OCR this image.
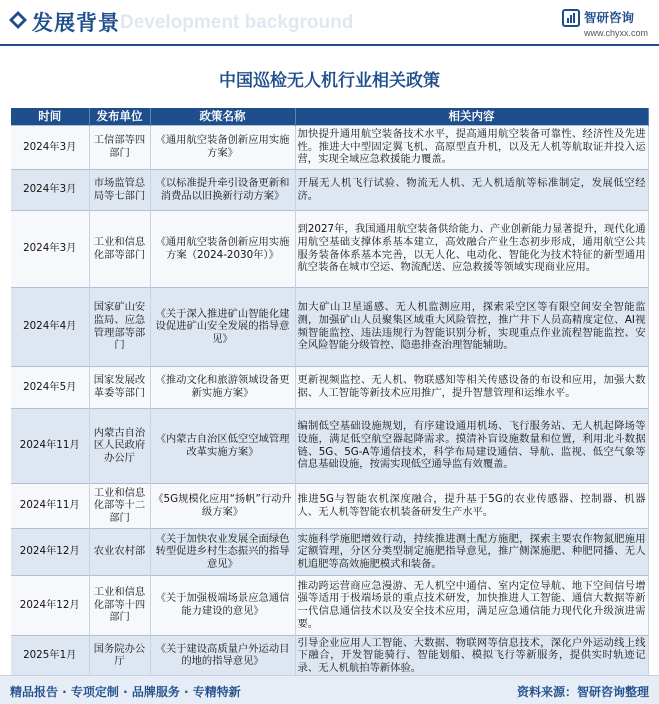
Development background
发展背景	智研咨询
www.chyxx.com
中国巡检无人机行业相关政策
时间	发布单位	政策名称	相关内容
2024年3月	工信部等四部门	《通用航空装备创新应用实施方案》	加快提升通用航空装备技术水平，提高通用航空装备可靠性、经济性及先进性。推进大中型固定翼飞机、高原型直升机，以及无人机等航取证并投入运营，实现全域应急救援能力覆盖。
2024年3月	市场监管总局等七部门	《以标准提升牵引设备更新和消费品以旧换新行动方案》	开展无人机飞行试验、物流无人机、无人机适航等标准制定，发展低空经济。
2024年3月	工业和信息化部等部门	《通用航空装备创新应用实施方案（2024-2030年）》	到2027年，我国通用航空装备供给能力、产业创新能力显著提升，现代化通用航空基础支撑体系基本建立，高效融合产业生态初步形成，通用航空公共服务装备体系基本完善，以无人化、电动化、智能化为技术特征的新型通用航空装备在城市空运、物流配送、应急救援等领域实现商业应用。
2024年4月	国家矿山安监局、应急管理部等部门	《关于深入推进矿山智能化建设促进矿山安全发展的指导意见》	加大矿山卫星遥感、无人机监测应用，探索采空区等有限空间安全智能监测，加强矿山人员聚集区域重大风险管控，推广井下人员高精度定位、AI视频智能监控、违法违规行为智能识别分析，实现重点作业流程智能监控、安全风险智能分级管控、隐患排查治理智能辅助。
2024年5月	国家发展改革委等部门	《推动文化和旅游领域设备更新实施方案》	更新视频监控、无人机、物联感知等相关传感设备的布设和应用，加强大数据、人工智能等新技术应用推广，提升智慧管理和运维水平。
2024年11月	内蒙古自治区人民政府办公厅	《内蒙古自治区低空空域管理改革实施方案》	编制低空基础设施规划，有序建设通用机场、飞行服务站、无人机起降场等设施，满足低空航空器起降需求。摸清补盲设施数量和位置，利用北斗数据链、5G、5G-A等通信技术，科学布局建设通信、导航、监视、低空气象等信息基础设施，按需实现低空通导监有效覆盖。
2024年11月	工业和信息化部等十二部门	《5G规模化应用“扬帆”行动升级方案》	推进5G与智能农机深度融合，提升基于5G的农业传感器、控制器、机器人、无人机等智能农机装备研发生产水平。
2024年12月	农业农村部	《关于加快农业发展全面绿色转型促进乡村生态振兴的指导意见》	实施科学施肥增效行动，持续推进测土配方施肥，探索主要农作物氮肥施用定额管理，分区分类型制定施肥指导意见，推广侧深施肥、种肥同播、无人机追肥等高效施肥模式和装备。
2024年12月	工业和信息化部等十四部门	《关于加强极端场景应急通信能力建设的意见》	推动跨运营商应急漫游、无人机空中通信、室内定位导航、地下空间信号增强等适用于极端场景的重点技术研发，加快推进人工智能、通信大数据等新一代信息通信技术以及安全技术应用，满足应急通信能力现代化升级演进需要。
2025年1月	国务院办公厅	《关于建设高质量户外运动目的地的指导意见》	引导企业应用人工智能、大数据、物联网等信息技术，深化户外运动线上线下融合，开发智能骑行、智能划船、模拟飞行等新服务，提供实时轨迹记录、无人机航拍等新体验。
精品报告 · 专项定制 · 品牌服务 · 专精特新	资料来源：智研咨询整理
